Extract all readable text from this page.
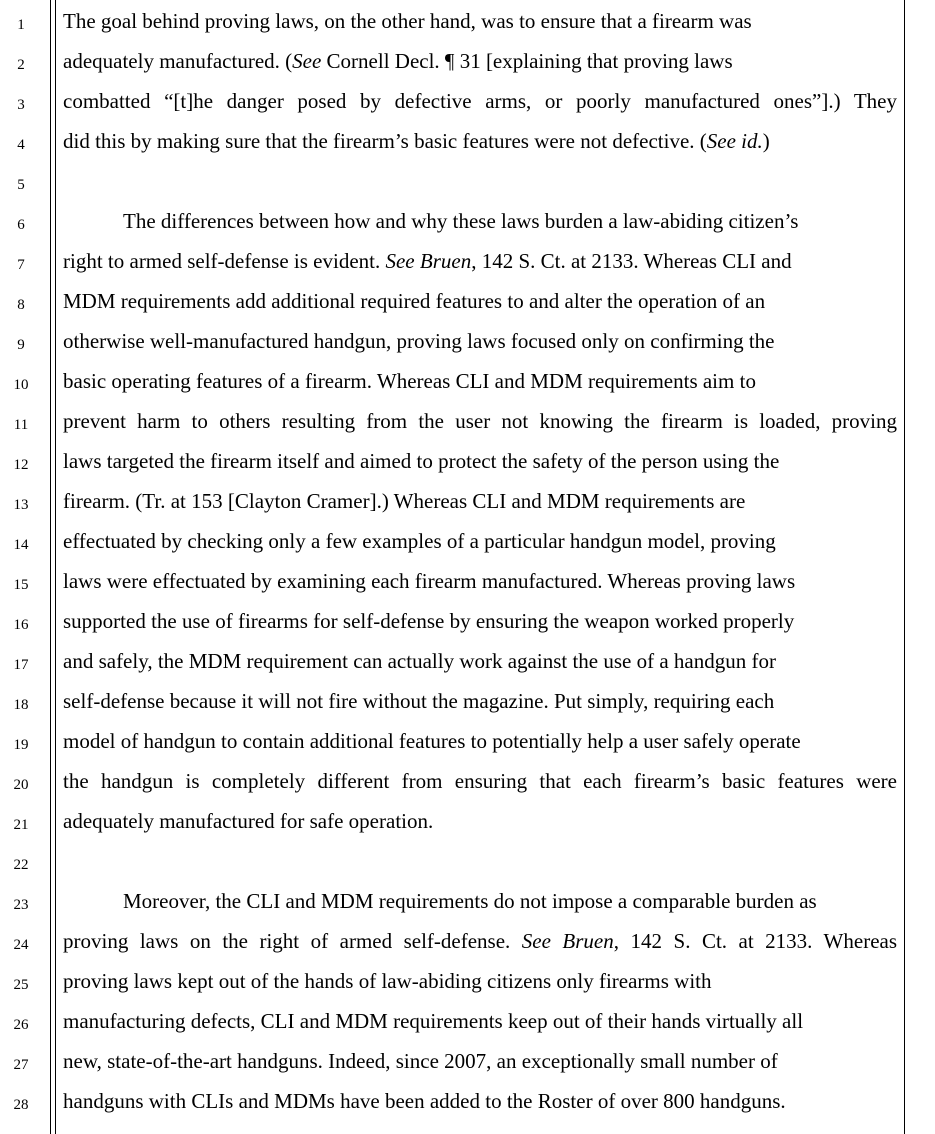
1	The goal behind proving laws, on the other hand, was to ensure that a firearm was
2	adequately manufactured. (See Cornell Decl. ¶ 31 [explaining that proving laws
3	combatted “[t]he danger posed by defective arms, or poorly manufactured ones”].) They
4	did this by making sure that the firearm’s basic features were not defective. (See id.)
5
6	The differences between how and why these laws burden a law-abiding citizen’s
7	right to armed self-defense is evident. See Bruen, 142 S. Ct. at 2133. Whereas CLI and
8	MDM requirements add additional required features to and alter the operation of an
9	otherwise well-manufactured handgun, proving laws focused only on confirming the
10	basic operating features of a firearm. Whereas CLI and MDM requirements aim to
11	prevent harm to others resulting from the user not knowing the firearm is loaded, proving
12	laws targeted the firearm itself and aimed to protect the safety of the person using the
13	firearm. (Tr. at 153 [Clayton Cramer].) Whereas CLI and MDM requirements are
14	effectuated by checking only a few examples of a particular handgun model, proving
15	laws were effectuated by examining each firearm manufactured. Whereas proving laws
16	supported the use of firearms for self-defense by ensuring the weapon worked properly
17	and safely, the MDM requirement can actually work against the use of a handgun for
18	self-defense because it will not fire without the magazine. Put simply, requiring each
19	model of handgun to contain additional features to potentially help a user safely operate
20	the handgun is completely different from ensuring that each firearm’s basic features were
21	adequately manufactured for safe operation.
22
23	Moreover, the CLI and MDM requirements do not impose a comparable burden as
24	proving laws on the right of armed self-defense. See Bruen, 142 S. Ct. at 2133. Whereas
25	proving laws kept out of the hands of law-abiding citizens only firearms with
26	manufacturing defects, CLI and MDM requirements keep out of their hands virtually all
27	new, state-of-the-art handguns. Indeed, since 2007, an exceptionally small number of
28	handguns with CLIs and MDMs have been added to the Roster of over 800 handguns.
